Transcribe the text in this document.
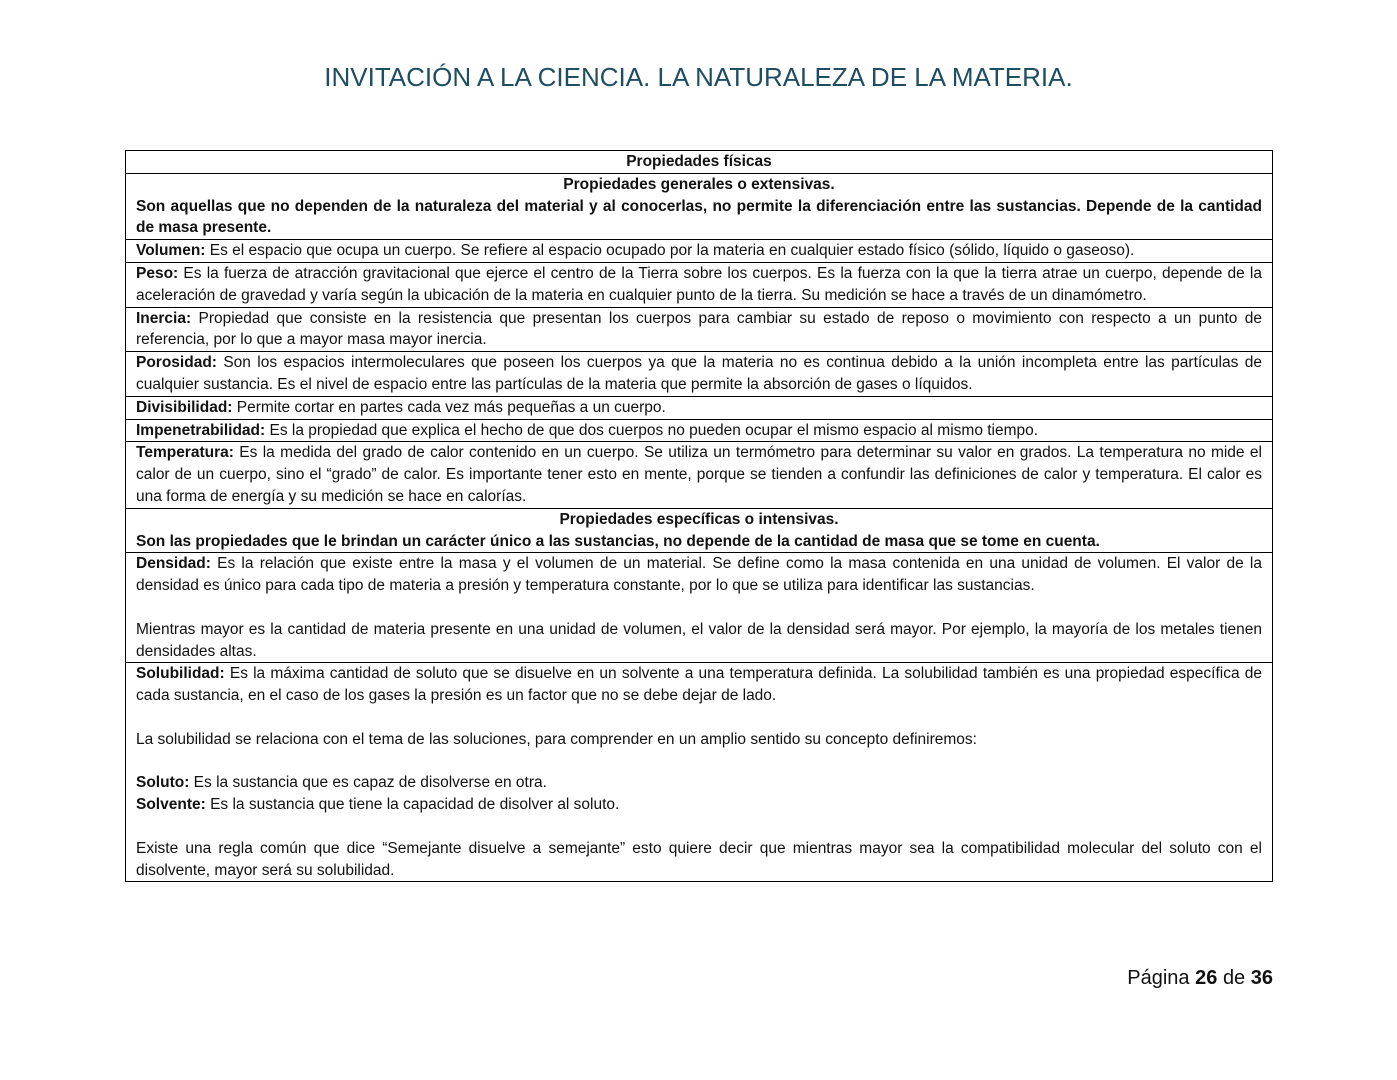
INVITACIÓN A LA CIENCIA. LA NATURALEZA DE LA MATERIA.
Propiedades físicas

Propiedades generales o extensivas.
Son aquellas que no dependen de la naturaleza del material y al conocerlas, no permite la diferenciación entre las sustancias. Depende de la cantidad de masa presente.

Volumen: Es el espacio que ocupa un cuerpo. Se refiere al espacio ocupado por la materia en cualquier estado físico (sólido, líquido o gaseoso).
Peso: Es la fuerza de atracción gravitacional que ejerce el centro de la Tierra sobre los cuerpos. Es la fuerza con la que la tierra atrae un cuerpo, depende de la aceleración de gravedad y varía según la ubicación de la materia en cualquier punto de la tierra. Su medición se hace a través de un dinamómetro.
Inercia: Propiedad que consiste en la resistencia que presentan los cuerpos para cambiar su estado de reposo o movimiento con respecto a un punto de referencia, por lo que a mayor masa mayor inercia.
Porosidad: Son los espacios intermoleculares que poseen los cuerpos ya que la materia no es continua debido a la unión incompleta entre las partículas de cualquier sustancia. Es el nivel de espacio entre las partículas de la materia que permite la absorción de gases o líquidos.
Divisibilidad: Permite cortar en partes cada vez más pequeñas a un cuerpo.
Impenetrabilidad: Es la propiedad que explica el hecho de que dos cuerpos no pueden ocupar el mismo espacio al mismo tiempo.
Temperatura: Es la medida del grado de calor contenido en un cuerpo. Se utiliza un termómetro para determinar su valor en grados. La temperatura no mide el calor de un cuerpo, sino el “grado” de calor. Es importante tener esto en mente, porque se tienden a confundir las definiciones de calor y temperatura. El calor es una forma de energía y su medición se hace en calorías.

Propiedades específicas o intensivas.
Son las propiedades que le brindan un carácter único a las sustancias, no depende de la cantidad de masa que se tome en cuenta.

Densidad: Es la relación que existe entre la masa y el volumen de un material. Se define como la masa contenida en una unidad de volumen. El valor de la densidad es único para cada tipo de materia a presión y temperatura constante, por lo que se utiliza para identificar las sustancias.
Mientras mayor es la cantidad de materia presente en una unidad de volumen, el valor de la densidad será mayor. Por ejemplo, la mayoría de los metales tienen densidades altas.

Solubilidad: Es la máxima cantidad de soluto que se disuelve en un solvente a una temperatura definida. La solubilidad también es una propiedad específica de cada sustancia, en el caso de los gases la presión es un factor que no se debe dejar de lado.
La solubilidad se relaciona con el tema de las soluciones, para comprender en un amplio sentido su concepto definiremos:
Soluto: Es la sustancia que es capaz de disolverse en otra.
Solvente: Es la sustancia que tiene la capacidad de disolver al soluto.
Existe una regla común que dice “Semejante disuelve a semejante” esto quiere decir que mientras mayor sea la compatibilidad molecular del soluto con el disolvente, mayor será su solubilidad.
Página 26 de 36
